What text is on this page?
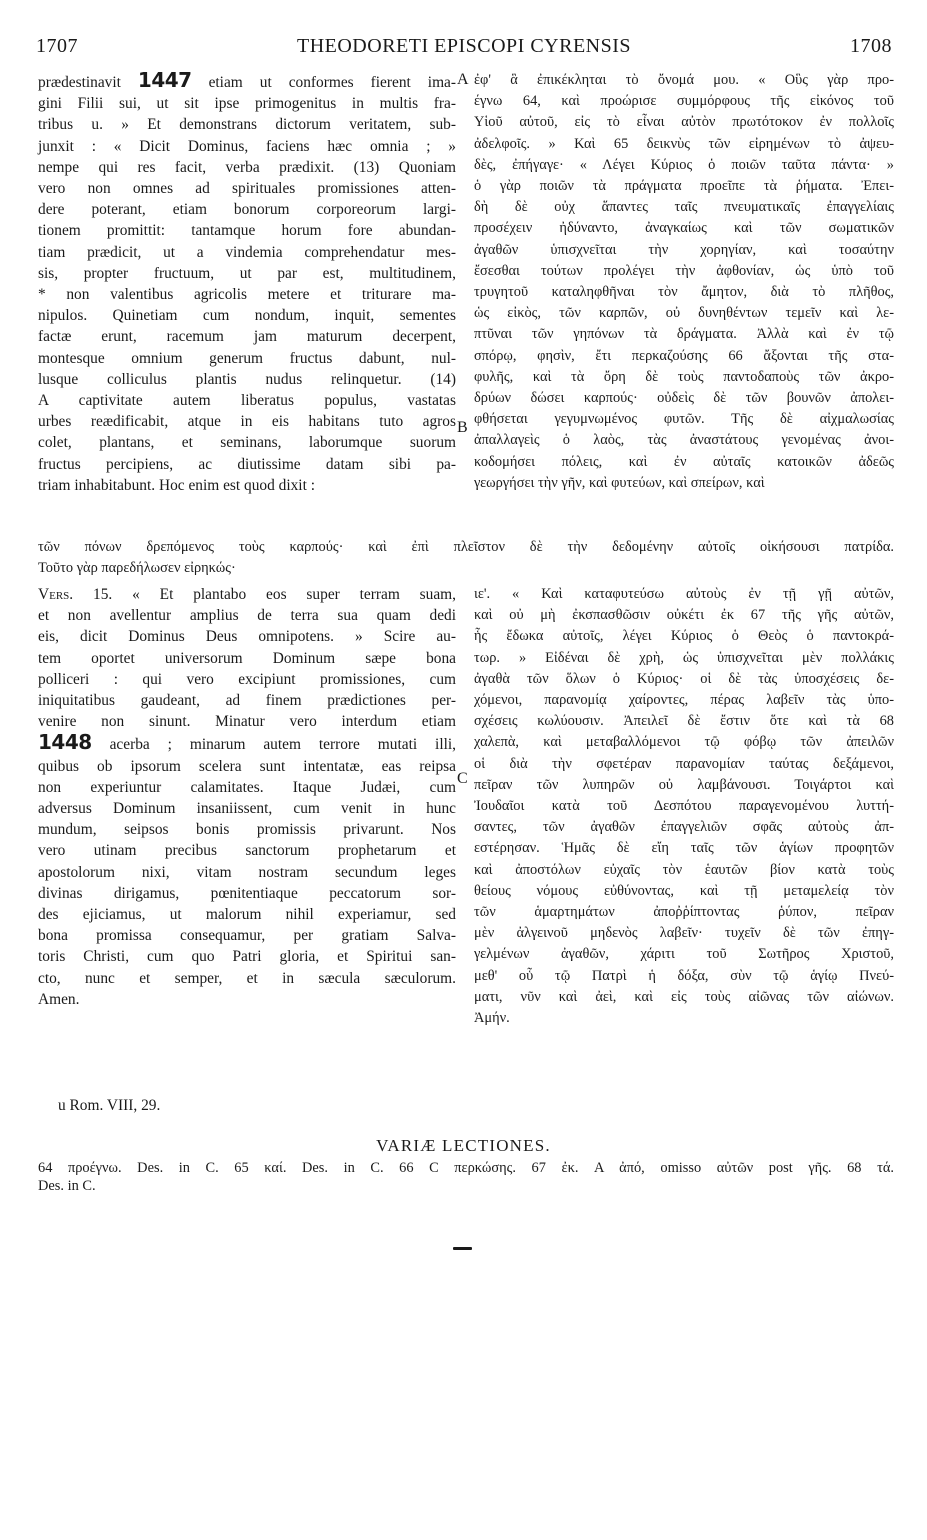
1707	THEODORETI EPISCOPI CYRENSIS	1708

prædestinavit 1447 etiam ut conformes fierent ima-

gini Filii sui, ut sit ipse primogenitus in multis fra-

tribus u. » Et demonstrans dictorum veritatem, sub-

junxit : « Dicit Dominus, faciens hæc omnia ; »

nempe qui res facit, verba prædixit. (13) Quoniam

vero non omnes ad spirituales promissiones atten-

dere poterant, etiam bonorum corporeorum largi-

tionem promittit: tantamque horum fore abundan-

tiam prædicit, ut a vindemia comprehendatur mes-

sis, propter fructuum, ut par est, multitudinem,

* non valentibus agricolis metere et triturare ma-

nipulos. Quinetiam cum nondum, inquit, sementes

factæ erunt, racemum jam maturum decerpent,

montesque omnium generum fructus dabunt, nul-

lusque colliculus plantis nudus relinquetur. (14)

A captivitate autem liberatus populus, vastatas

urbes reædificabit, atque in eis habitans tuto agros

colet, plantans, et seminans, laborumque suorum

fructus percipiens, ac diutissime datam sibi pa-

triam inhabitabunt. Hoc enim est quod dixit :

ἐφ' ἃ ἐπικέκληται τὸ ὄνομά μου. « Οὓς γὰρ προ-

έγνω 64, καὶ προώρισε συμμόρφους τῆς εἰκόνος τοῦ

Υἱοῦ αὐτοῦ, εἰς τὸ εἶναι αὐτὸν πρωτότοκον ἐν πολλοῖς

ἀδελφοῖς. » Καὶ 65 δεικνὺς τῶν εἰρημένων τὸ ἀψευ-

δὲς, ἐπήγαγε· « Λέγει Κύριος ὁ ποιῶν ταῦτα πάντα· »

ὁ γὰρ ποιῶν τὰ πράγματα προεῖπε τὰ ῥήματα. Ἐπει-

δὴ δὲ οὐχ ἅπαντες ταῖς πνευματικαῖς ἐπαγγελίαις

προσέχειν ἠδύναντο, ἀναγκαίως καὶ τῶν σωματικῶν

ἀγαθῶν ὑπισχνεῖται τὴν χορηγίαν, καὶ τοσαύτην

ἔσεσθαι τούτων προλέγει τὴν ἀφθονίαν, ὡς ὑπὸ τοῦ

τρυγητοῦ καταληφθῆναι τὸν ἄμητον, διὰ τὸ πλῆθος,

ὡς εἰκὸς, τῶν καρπῶν, οὐ δυνηθέντων τεμεῖν καὶ λε-

πτῦναι τῶν γηπόνων τὰ δράγματα. Ἀλλὰ καὶ ἐν τῷ

σπόρῳ, φησὶν, ἔτι περκαζούσης 66 ἄξονται τῆς στα-

φυλῆς, καὶ τὰ ὄρη δὲ τοὺς παντοδαποὺς τῶν ἀκρο-

δρύων δώσει καρπούς· οὐδεὶς δὲ τῶν βουνῶν ἀπολει-

φθήσεται γεγυμνωμένος φυτῶν. Τῆς δὲ αἰχμαλωσίας

ἀπαλλαγεὶς ὁ λαὸς, τὰς ἀναστάτους γενομένας ἀνοι-

κοδομήσει πόλεις, καὶ ἐν αὐταῖς κατοικῶν ἀδεῶς

γεωργήσει τὴν γῆν, καὶ φυτεύων, καὶ σπείρων, καὶ

A
B
C
τῶν πόνων δρεπόμενος τοὺς καρπούς· καὶ ἐπὶ πλεῖστον δὲ τὴν δεδομένην αὐτοῖς οἰκήσουσι πατρίδα.
Τοῦτο γὰρ παρεδήλωσεν εἰρηκώς·

Vers. 15. « Et plantabo eos super terram suam,

et non avellentur amplius de terra sua quam dedi

eis, dicit Dominus Deus omnipotens. » Scire au-

tem oportet universorum Dominum sæpe bona

polliceri : qui vero excipiunt promissiones, cum

iniquitatibus gaudeant, ad finem prædictiones per-

venire non sinunt. Minatur vero interdum etiam

1448 acerba ; minarum autem terrore mutati illi,

quibus ob ipsorum scelera sunt intentatæ, eas reipsa

non experiuntur calamitates. Itaque Judæi, cum

adversus Dominum insaniissent, cum venit in hunc

mundum, seipsos bonis promissis privarunt. Nos

vero utinam precibus sanctorum prophetarum et

apostolorum nixi, vitam nostram secundum leges

divinas dirigamus, pœnitentiaque peccatorum sor-

des ejiciamus, ut malorum nihil experiamur, sed

bona promissa consequamur, per gratiam Salva-

toris Christi, cum quo Patri gloria, et Spiritui san-

cto, nunc et semper, et in sæcula sæculorum.

Amen.

ιε'. « Καὶ καταφυτεύσω αὐτοὺς ἐν τῇ γῇ αὐτῶν,

καὶ οὐ μὴ ἐκσπασθῶσιν οὐκέτι ἐκ 67 τῆς γῆς αὐτῶν,

ἧς ἔδωκα αὐτοῖς, λέγει Κύριος ὁ Θεὸς ὁ παντοκρά-

τωρ. » Εἰδέναι δὲ χρὴ, ὡς ὑπισχνεῖται μὲν πολλάκις

ἀγαθὰ τῶν ὅλων ὁ Κύριος· οἱ δὲ τὰς ὑποσχέσεις δε-

χόμενοι, παρανομίᾳ χαίροντες, πέρας λαβεῖν τὰς ὑπο-

σχέσεις κωλύουσιν. Ἀπειλεῖ δὲ ἔστιν ὅτε καὶ τὰ 68

χαλεπὰ, καὶ μεταβαλλόμενοι τῷ φόβῳ τῶν ἀπειλῶν

οἱ διὰ τὴν σφετέραν παρανομίαν ταύτας δεξάμενοι,

πεῖραν τῶν λυπηρῶν οὐ λαμβάνουσι. Τοιγάρτοι καὶ

Ἰουδαῖοι κατὰ τοῦ Δεσπότου παραγενομένου λυττή-

σαντες, τῶν ἀγαθῶν ἐπαγγελιῶν σφᾶς αὐτοὺς ἀπ-

εστέρησαν. Ἡμᾶς δὲ εἴη ταῖς τῶν ἁγίων προφητῶν

καὶ ἀποστόλων εὐχαῖς τὸν ἑαυτῶν βίον κατὰ τοὺς

θείους νόμους εὐθύνοντας, καὶ τῇ μεταμελείᾳ τὸν

τῶν ἁμαρτημάτων ἀποῤῥίπτοντας ῥύπον, πεῖραν

μὲν ἀλγεινοῦ μηδενὸς λαβεῖν· τυχεῖν δὲ τῶν ἐπηγ-

γελμένων ἀγαθῶν, χάριτι τοῦ Σωτῆρος Χριστοῦ,

μεθ' οὗ τῷ Πατρὶ ἡ δόξα, σὺν τῷ ἁγίῳ Πνεύ-

ματι, νῦν καὶ ἀεὶ, καὶ εἰς τοὺς αἰῶνας τῶν αἰώνων.

Ἀμήν.

u Rom. VIII, 29.
VARIÆ LECTIONES.

64 προέγνω. Des. in C. 65 καί. Des. in C. 66 C περκώσης. 67 ἐκ. A ἀπό, omisso αὐτῶν post γῆς. 68 τά.

Des. in C.
